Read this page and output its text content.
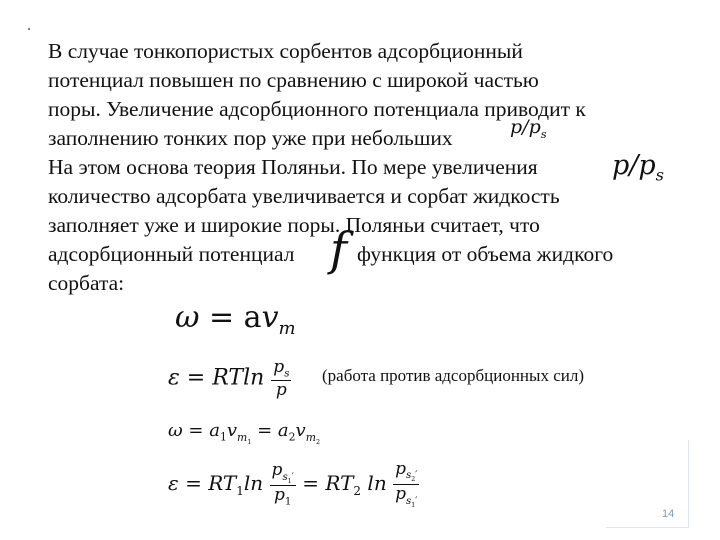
В случае тонкопористых сорбентов адсорбционный
потенциал повышен по сравнению с широкой частью
поры. Увеличение адсорбционного потенциала приводит к
заполнению тонких пор уже при небольших	$p/p_s$
На этом основа теория Поляньи. По мере увеличения	$p/p_s$
количество адсорбата увеличивается и сорбат жидкость
заполняет уже и широкие поры. Поляньи считает, что
адсорбционный потенциал f функция от объема жидкого
сорбата:
$\omega = av_m$
ε = RTln $\frac{p_s}{p}$ (работа против адсорбционных сил)
$\omega = a_1v_{m_1} = a_2v_{m_2}$
$\varepsilon = RT_1\ln \frac{p_{s_1'}}{p_1} = RT_2$ $\ln \frac{p_{s_2'}}{p_{s_1'}}$
14
